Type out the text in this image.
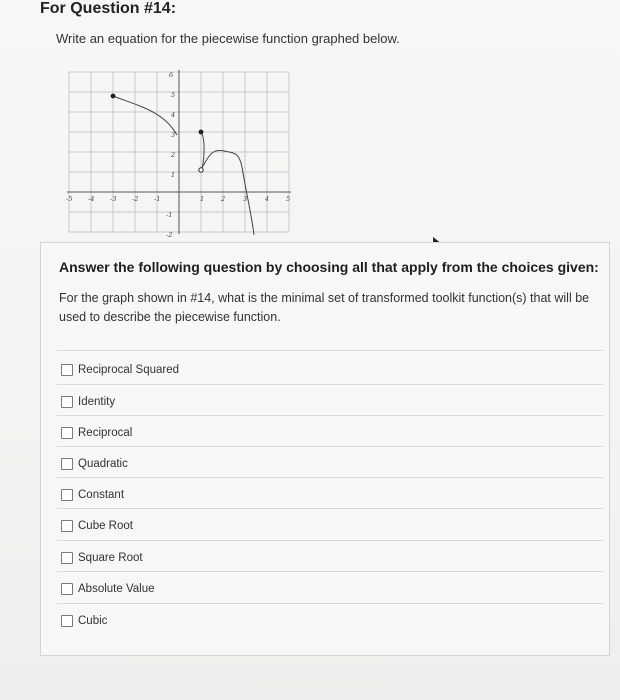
For Question #14:
Write an equation for the piecewise function graphed below.
-5 -4 -3 -2 -1	1	2	3	4	5
6
5
4
3
2
1
-1
-2
Answer the following question by choosing all that apply from the choices given:
For the graph shown in #14, what is the minimal set of transformed toolkit function(s) that will be used to describe the piecewise function.
Reciprocal Squared
Identity
Reciprocal
Quadratic
Constant
Cube Root
Square Root
Absolute Value
Cubic
